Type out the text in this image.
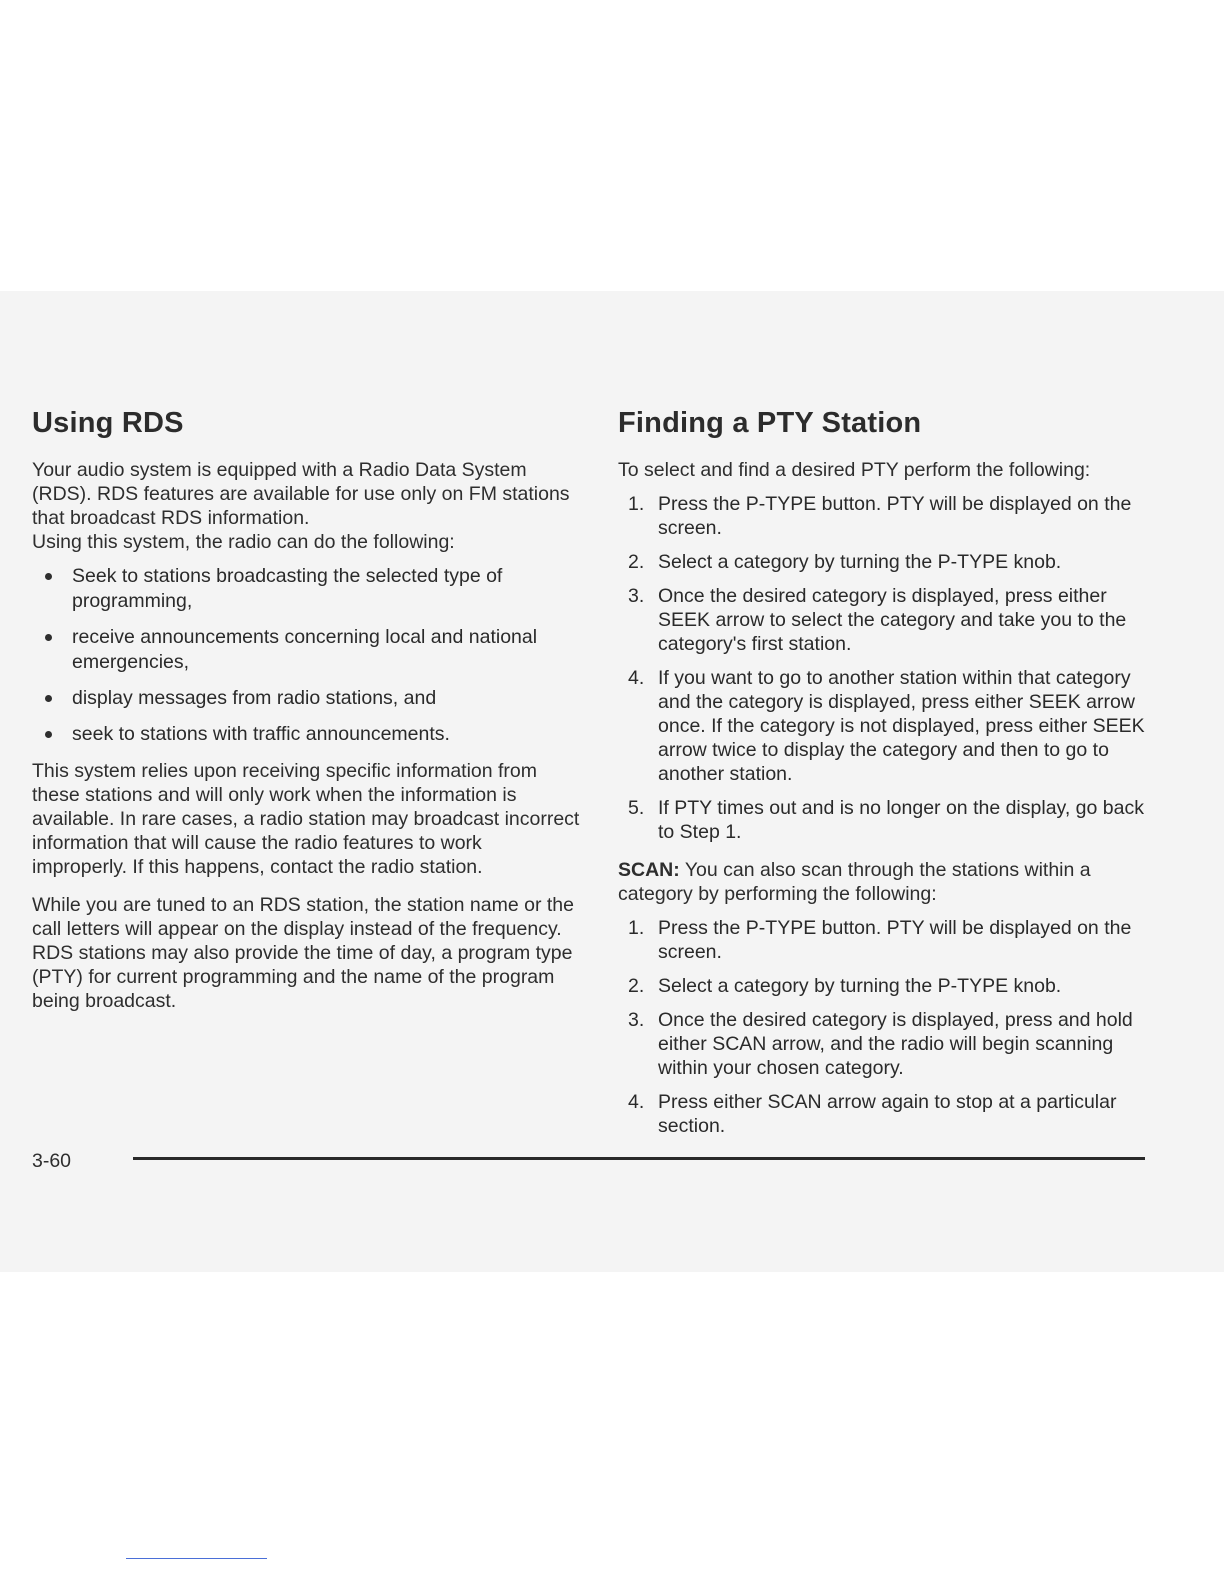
Using RDS

Your audio system is equipped with a Radio Data System (RDS). RDS features are available for use only on FM stations that broadcast RDS information.

Using this system, the radio can do the following:

Seek to stations broadcasting the selected type of programming,
receive announcements concerning local and national emergencies,
display messages from radio stations, and
seek to stations with traffic announcements.

This system relies upon receiving specific information from these stations and will only work when the information is available. In rare cases, a radio station may broadcast incorrect information that will cause the radio features to work improperly. If this happens, contact the radio station.

While you are tuned to an RDS station, the station name or the call letters will appear on the display instead of the frequency. RDS stations may also provide the time of day, a program type (PTY) for current programming and the name of the program being broadcast.

Finding a PTY Station

To select and find a desired PTY perform the following:

1. Press the P-TYPE button. PTY will be displayed on the screen.
2. Select a category by turning the P-TYPE knob.
3. Once the desired category is displayed, press either SEEK arrow to select the category and take you to the category's first station.
4. If you want to go to another station within that category and the category is displayed, press either SEEK arrow once. If the category is not displayed, press either SEEK arrow twice to display the category and then to go to another station.
5. If PTY times out and is no longer on the display, go back to Step 1.

SCAN: You can also scan through the stations within a category by performing the following:

1. Press the P-TYPE button. PTY will be displayed on the screen.
2. Select a category by turning the P-TYPE knob.
3. Once the desired category is displayed, press and hold either SCAN arrow, and the radio will begin scanning within your chosen category.
4. Press either SCAN arrow again to stop at a particular section.
3-60
